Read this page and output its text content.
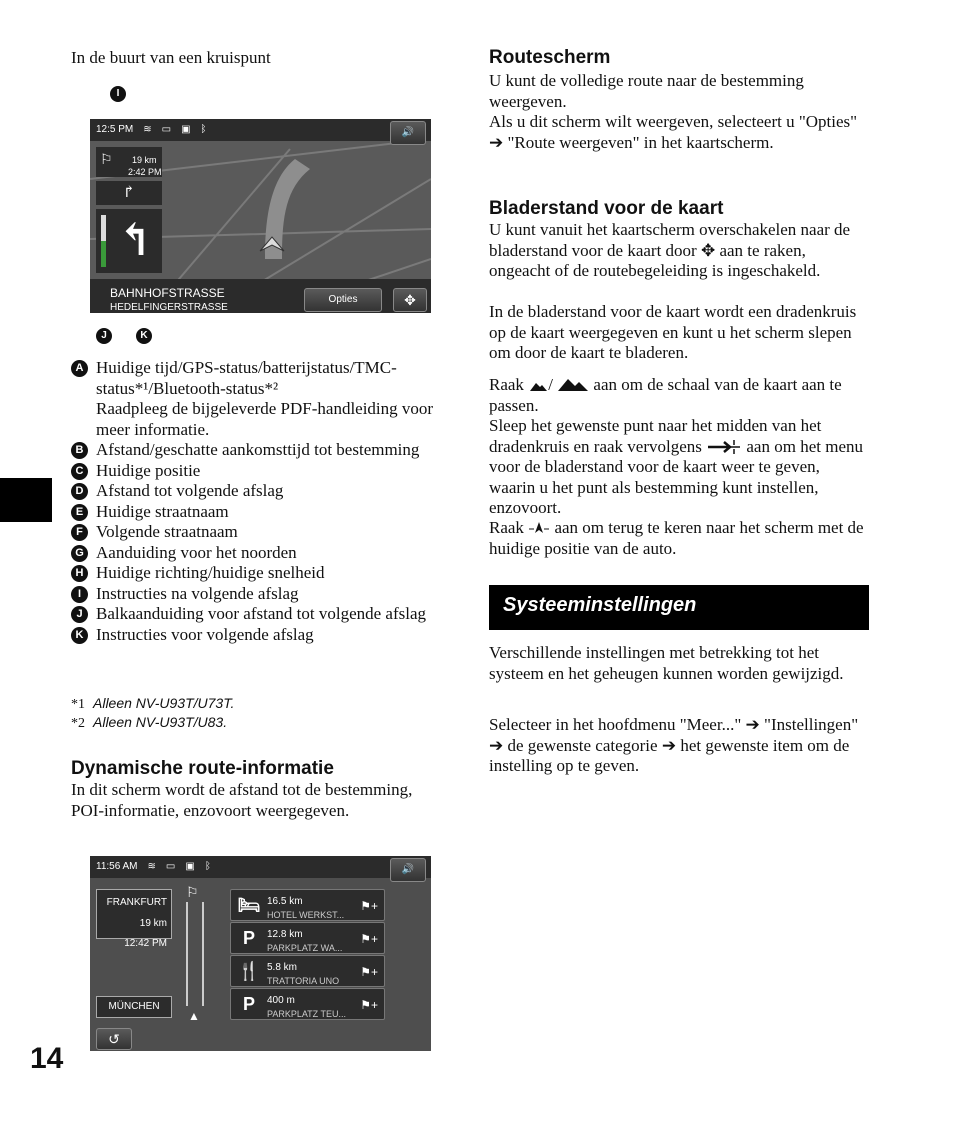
In de buurt van een kruispunt
I
12:5 PM ≋ ▭ ▣ ᛒ	🔊
⚐ 19 km
2:42 PM
↱
↰
BAHNHOFSTRASSE
HEDELFINGERSTRASSE
Opties	✥
J	K
A Huidige tijd/GPS-status/batterijstatus/TMC-status*¹/Bluetooth-status*²
Raadpleeg de bijgeleverde PDF-handleiding voor meer informatie.
B Afstand/geschatte aankomsttijd tot bestemming
C Huidige positie
D Afstand tot volgende afslag
E Huidige straatnaam
F Volgende straatnaam
G Aanduiding voor het noorden
H Huidige richting/huidige snelheid
I Instructies na volgende afslag
J Balkaanduiding voor afstand tot volgende afslag
K Instructies voor volgende afslag
*1 Alleen NV-U93T/U73T.
*2 Alleen NV-U93T/U83.
Dynamische route-informatie

In dit scherm wordt de afstand tot de bestemming, POI-informatie, enzovoort weergegeven.

11:56 AM ≋ ▭ ▣ ᛒ	🔊
FRANKFURT
19 km
12:42 PM
⚐
▲
MÜNCHEN
🛏 16.5 km
HOTEL WERKST...
⚑+
P	12.8 km
PARKPLATZ WA...
⚑+
🍴 5.8 km
TRATTORIA UNO
⚑+
P	400 m
PARKPLATZ TEU...
⚑+
↺
14
Routescherm

U kunt de volledige route naar de bestemming weergeven.

Als u dit scherm wilt weergeven, selecteert u "Opties" ➔ "Route weergeven" in het kaartscherm.

Bladerstand voor de kaart

U kunt vanuit het kaartscherm overschakelen naar de bladerstand voor de kaart door ✥ aan te raken, ongeacht of de routebegeleiding is ingeschakeld.

In de bladerstand voor de kaart wordt een dradenkruis op de kaart weergegeven en kunt u het scherm slepen om door de kaart te bladeren.

Raak / aan om de schaal van de kaart aan te passen.

Sleep het gewenste punt naar het midden van het dradenkruis en raak vervolgens	aan om het menu voor de bladerstand voor de kaart weer te geven, waarin u het punt als bestemming kunt instellen, enzovoort.

Raak aan om terug te keren naar het scherm met de huidige positie van de auto.

Systeeminstellingen

Verschillende instellingen met betrekking tot het systeem en het geheugen kunnen worden gewijzigd.

Selecteer in het hoofdmenu "Meer..." ➔ "Instellingen" ➔ de gewenste categorie ➔ het gewenste item om de instelling op te geven.
